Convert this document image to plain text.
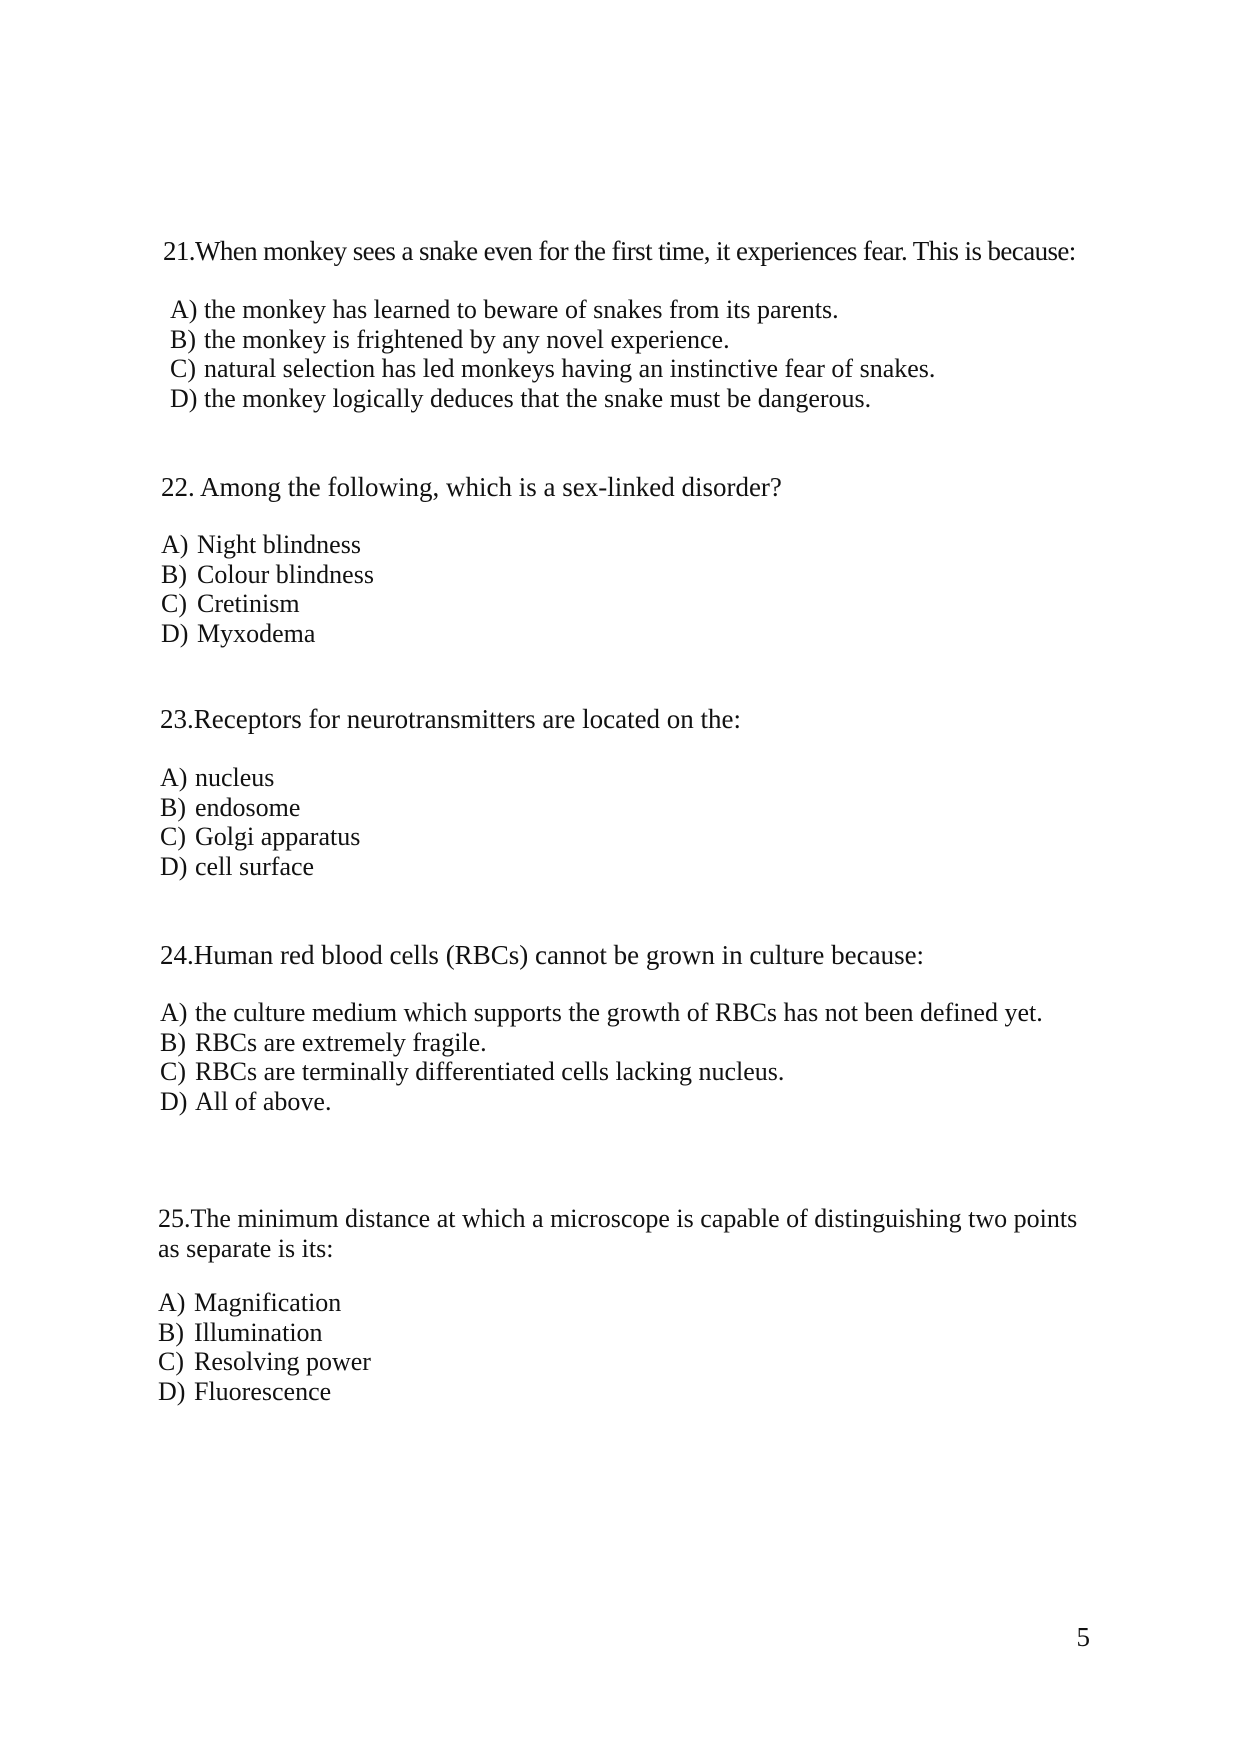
21.When monkey sees a snake even for the first time, it experiences fear. This is because:
A) the monkey has learned to beware of snakes from its parents.
B) the monkey is frightened by any novel experience.
C) natural selection has led monkeys having an instinctive fear of snakes.
D) the monkey logically deduces that the snake must be dangerous.
22. Among the following, which is a sex-linked disorder?
A) Night blindness
B) Colour blindness
C) Cretinism
D) Myxodema
23.Receptors for neurotransmitters are located on the:
A) nucleus
B) endosome
C) Golgi apparatus
D) cell surface
24.Human red blood cells (RBCs) cannot be grown in culture because:
A) the culture medium which supports the growth of RBCs has not been defined yet.
B) RBCs are extremely fragile.
C) RBCs are terminally differentiated cells lacking nucleus.
D) All of above.
25.The minimum distance at which a microscope is capable of distinguishing two points as separate is its:
A) Magnification
B) Illumination
C) Resolving power
D) Fluorescence
5
